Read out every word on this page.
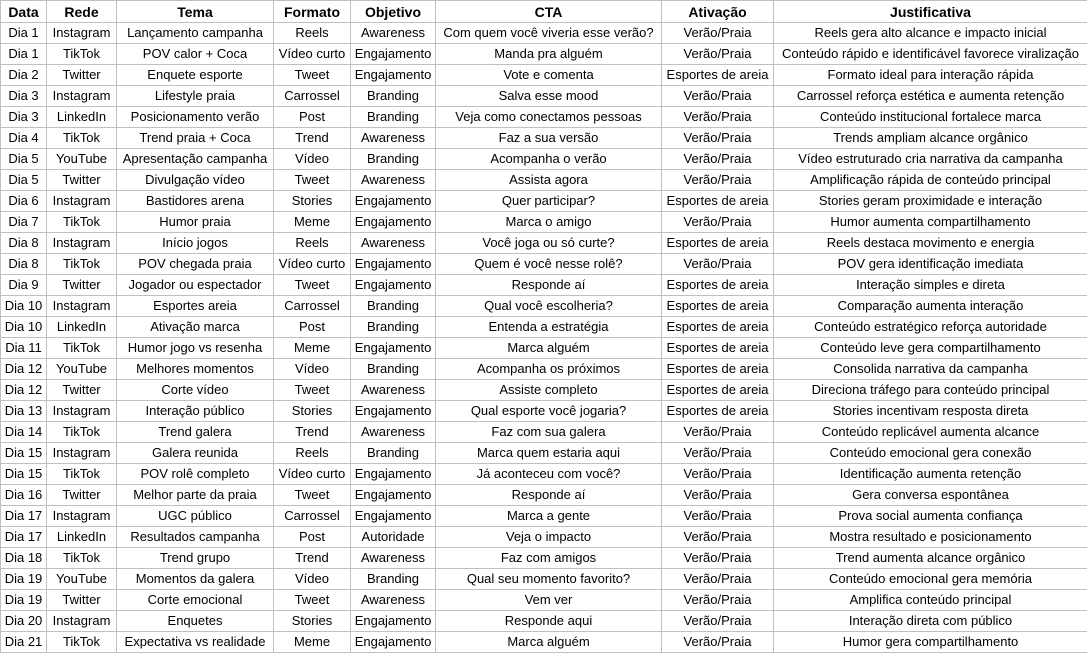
Data	Rede	Tema	Formato	Objetivo	CTA	Ativação	Justificativa
Dia 1	Instagram	Lançamento campanha	Reels	Awareness	Com quem você viveria esse verão?	Verão/Praia	Reels gera alto alcance e impacto inicial
Dia 1	TikTok	POV calor + Coca	Vídeo curto	Engajamento	Manda pra alguém	Verão/Praia	Conteúdo rápido e identificável favorece viralização
Dia 2	Twitter	Enquete esporte	Tweet	Engajamento	Vote e comenta	Esportes de areia	Formato ideal para interação rápida
Dia 3	Instagram	Lifestyle praia	Carrossel	Branding	Salva esse mood	Verão/Praia	Carrossel reforça estética e aumenta retenção
Dia 3	LinkedIn	Posicionamento verão	Post	Branding	Veja como conectamos pessoas	Verão/Praia	Conteúdo institucional fortalece marca
Dia 4	TikTok	Trend praia + Coca	Trend	Awareness	Faz a sua versão	Verão/Praia	Trends ampliam alcance orgânico
Dia 5	YouTube	Apresentação campanha	Vídeo	Branding	Acompanha o verão	Verão/Praia	Vídeo estruturado cria narrativa da campanha
Dia 5	Twitter	Divulgação vídeo	Tweet	Awareness	Assista agora	Verão/Praia	Amplificação rápida de conteúdo principal
Dia 6	Instagram	Bastidores arena	Stories	Engajamento	Quer participar?	Esportes de areia	Stories geram proximidade e interação
Dia 7	TikTok	Humor praia	Meme	Engajamento	Marca o amigo	Verão/Praia	Humor aumenta compartilhamento
Dia 8	Instagram	Início jogos	Reels	Awareness	Você joga ou só curte?	Esportes de areia	Reels destaca movimento e energia
Dia 8	TikTok	POV chegada praia	Vídeo curto	Engajamento	Quem é você nesse rolê?	Verão/Praia	POV gera identificação imediata
Dia 9	Twitter	Jogador ou espectador	Tweet	Engajamento	Responde aí	Esportes de areia	Interação simples e direta
Dia 10	Instagram	Esportes areia	Carrossel	Branding	Qual você escolheria?	Esportes de areia	Comparação aumenta interação
Dia 10	LinkedIn	Ativação marca	Post	Branding	Entenda a estratégia	Esportes de areia	Conteúdo estratégico reforça autoridade
Dia 11	TikTok	Humor jogo vs resenha	Meme	Engajamento	Marca alguém	Esportes de areia	Conteúdo leve gera compartilhamento
Dia 12	YouTube	Melhores momentos	Vídeo	Branding	Acompanha os próximos	Esportes de areia	Consolida narrativa da campanha
Dia 12	Twitter	Corte vídeo	Tweet	Awareness	Assiste completo	Esportes de areia	Direciona tráfego para conteúdo principal
Dia 13	Instagram	Interação público	Stories	Engajamento	Qual esporte você jogaria?	Esportes de areia	Stories incentivam resposta direta
Dia 14	TikTok	Trend galera	Trend	Awareness	Faz com sua galera	Verão/Praia	Conteúdo replicável aumenta alcance
Dia 15	Instagram	Galera reunida	Reels	Branding	Marca quem estaria aqui	Verão/Praia	Conteúdo emocional gera conexão
Dia 15	TikTok	POV rolê completo	Vídeo curto	Engajamento	Já aconteceu com você?	Verão/Praia	Identificação aumenta retenção
Dia 16	Twitter	Melhor parte da praia	Tweet	Engajamento	Responde aí	Verão/Praia	Gera conversa espontânea
Dia 17	Instagram	UGC público	Carrossel	Engajamento	Marca a gente	Verão/Praia	Prova social aumenta confiança
Dia 17	LinkedIn	Resultados campanha	Post	Autoridade	Veja o impacto	Verão/Praia	Mostra resultado e posicionamento
Dia 18	TikTok	Trend grupo	Trend	Awareness	Faz com amigos	Verão/Praia	Trend aumenta alcance orgânico
Dia 19	YouTube	Momentos da galera	Vídeo	Branding	Qual seu momento favorito?	Verão/Praia	Conteúdo emocional gera memória
Dia 19	Twitter	Corte emocional	Tweet	Awareness	Vem ver	Verão/Praia	Amplifica conteúdo principal
Dia 20	Instagram	Enquetes	Stories	Engajamento	Responde aqui	Verão/Praia	Interação direta com público
Dia 21	TikTok	Expectativa vs realidade	Meme	Engajamento	Marca alguém	Verão/Praia	Humor gera compartilhamento
